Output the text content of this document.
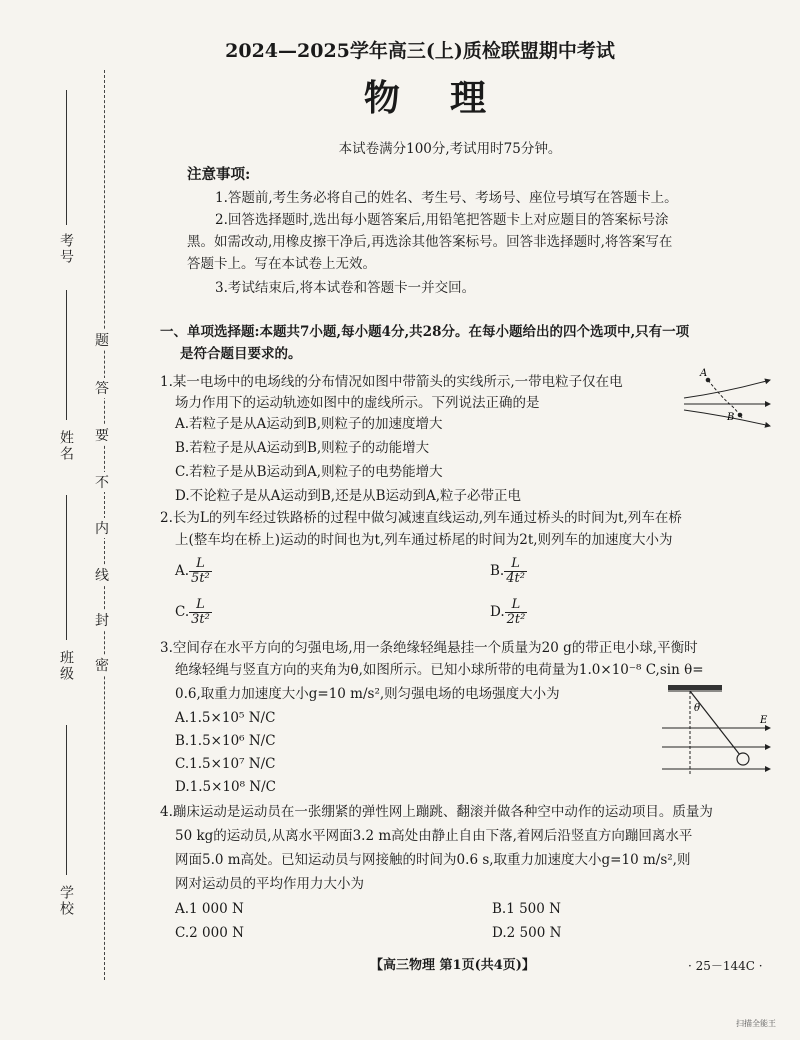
题
答
要
不
内
线
封
密
考号
姓名
班级
学校
2024—2025学年高三(上)质检联盟期中考试
物    理
本试卷满分100分,考试用时75分钟。
注意事项:
1.答题前,考生务必将自己的姓名、考生号、考场号、座位号填写在答题卡上。
2.回答选择题时,选出每小题答案后,用铅笔把答题卡上对应题目的答案标号涂
黑。如需改动,用橡皮擦干净后,再选涂其他答案标号。回答非选择题时,将答案写在
答题卡上。写在本试卷上无效。
3.考试结束后,将本试卷和答题卡一并交回。
一、单项选择题:本题共7小题,每小题4分,共28分。在每小题给出的四个选项中,只有一项
是符合题目要求的。
1.某一电场中的电场线的分布情况如图中带箭头的实线所示,一带电粒子仅在电
场力作用下的运动轨迹如图中的虚线所示。下列说法正确的是
A.若粒子是从A运动到B,则粒子的加速度增大
B.若粒子是从A运动到B,则粒子的动能增大
C.若粒子是从B运动到A,则粒子的电势能增大
D.不论粒子是从A运动到B,还是从B运动到A,粒子必带正电
A
B
2.长为L的列车经过铁路桥的过程中做匀减速直线运动,列车通过桥头的时间为t,列车在桥
上(整车均在桥上)运动的时间也为t,列车通过桥尾的时间为2t,则列车的加速度大小为
A. $\frac{L}{\text{5t²}}$	B. $\frac{L}{\text{4t²}}$
C. $\frac{L}{\text{3t²}}$	D. $\frac{L}{\text{2t²}}$
3.空间存在水平方向的匀强电场,用一条绝缘轻绳悬挂一个质量为20 g的带正电小球,平衡时
绝缘轻绳与竖直方向的夹角为θ,如图所示。已知小球所带的电荷量为1.0×10⁻⁸ C,sin θ=
0.6,取重力加速度大小g=10 m/s²,则匀强电场的电场强度大小为
A.1.5×10⁵ N/C
B.1.5×10⁶ N/C
C.1.5×10⁷ N/C
D.1.5×10⁸ N/C
θ
E
4.蹦床运动是运动员在一张绷紧的弹性网上蹦跳、翻滚并做各种空中动作的运动项目。质量为
50 kg的运动员,从离水平网面3.2 m高处由静止自由下落,着网后沿竖直方向蹦回离水平
网面5.0 m高处。已知运动员与网接触的时间为0.6 s,取重力加速度大小g=10 m/s²,则
网对运动员的平均作用力大小为
A.1 000 N	B.1 500 N
C.2 000 N	D.2 500 N
【高三物理 第1页(共4页)】	· 25－144C ·
扫描全能王
